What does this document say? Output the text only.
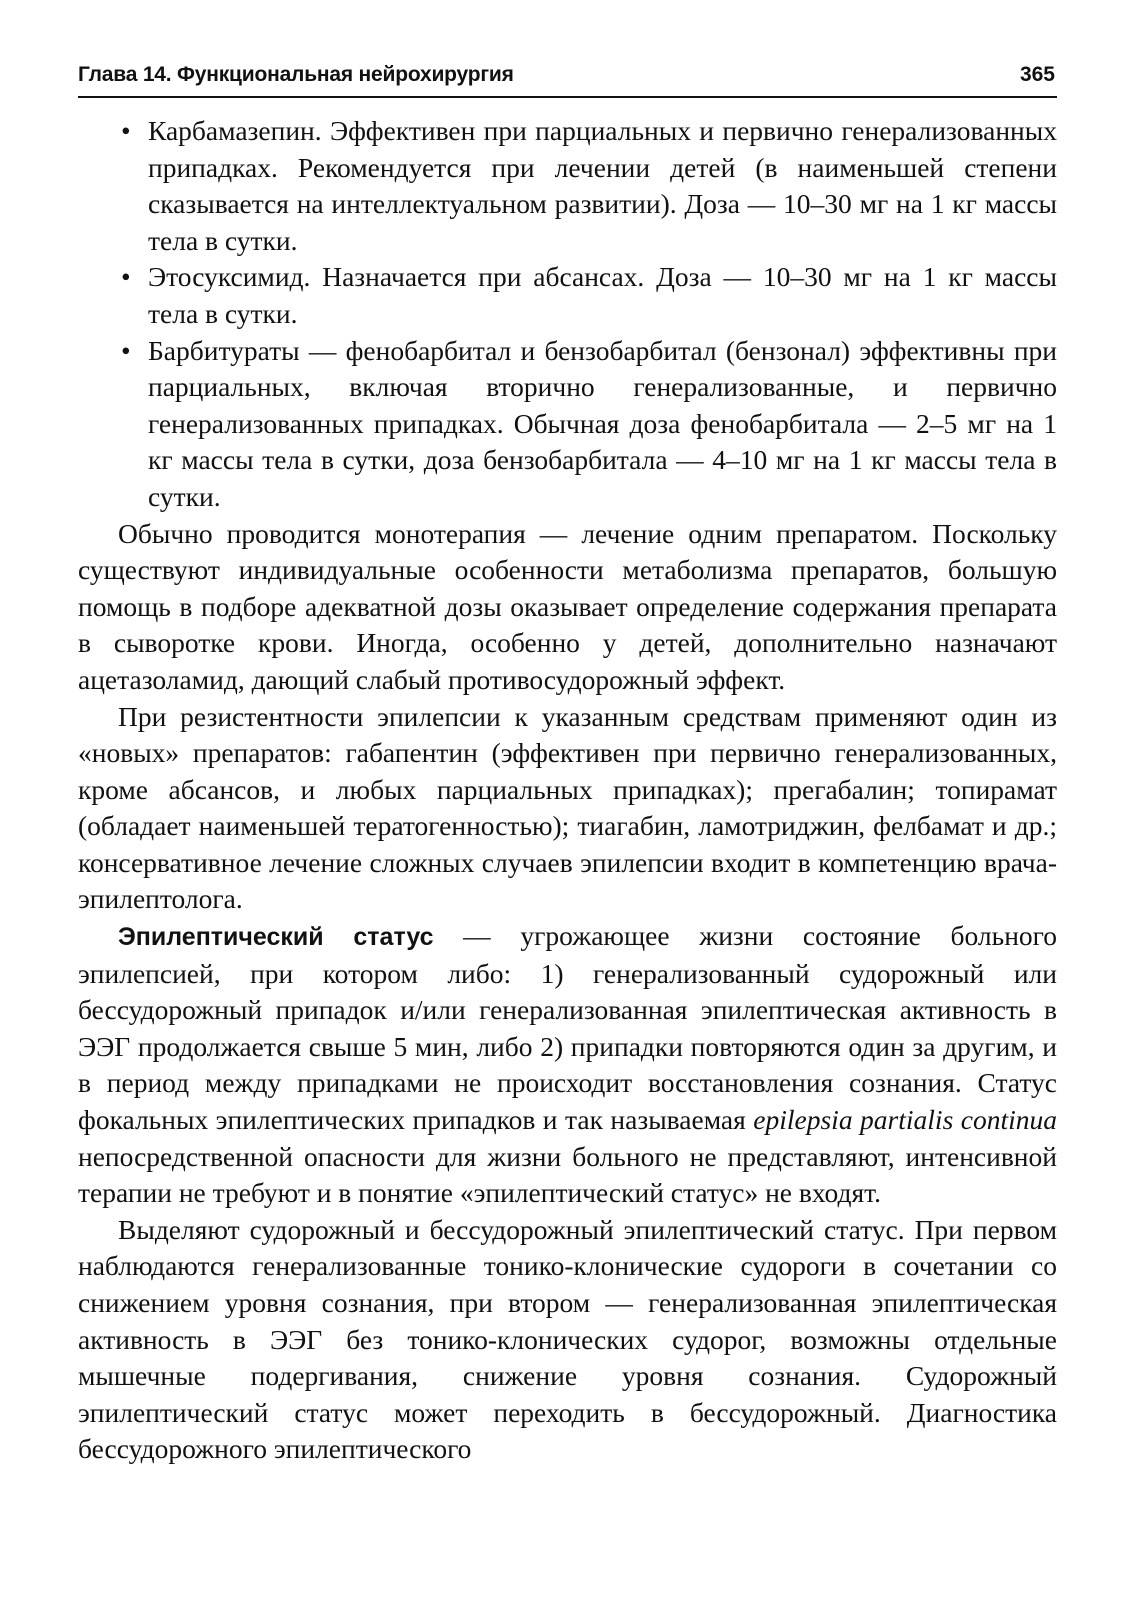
Глава 14. Функциональная нейрохирургия	365
• Карбамазепин. Эффективен при парциальных и первично генерализованных припадках. Рекомендуется при лечении детей (в наименьшей степени сказывается на интеллектуальном развитии). Доза — 10–30 мг на 1 кг массы тела в сутки.
• Этосуксимид. Назначается при абсансах. Доза — 10–30 мг на 1 кг массы тела в сутки.
• Барбитураты — фенобарбитал и бензобарбитал (бензонал) эффективны при парциальных, включая вторично генерализованные, и первично генерализованных припадках. Обычная доза фенобарбитала — 2–5 мг на 1 кг массы тела в сутки, доза бензобарбитала — 4–10 мг на 1 кг массы тела в сутки.

Обычно проводится монотерапия — лечение одним препаратом. Поскольку существуют индивидуальные особенности метаболизма препаратов, большую помощь в подборе адекватной дозы оказывает определение содержания препарата в сыворотке крови. Иногда, особенно у детей, дополнительно назначают ацетазоламид, дающий слабый противосудорожный эффект.

При резистентности эпилепсии к указанным средствам применяют один из «новых» препаратов: габапентин (эффективен при первично генерализованных, кроме абсансов, и любых парциальных припадках); прегабалин; топирамат (обладает наименьшей тератогенностью); тиагабин, ламотриджин, фелбамат и др.; консервативное лечение сложных случаев эпилепсии входит в компетенцию врача-эпилептолога.

Эпилептический статус — угрожающее жизни состояние больного эпилепсией, при котором либо: 1) генерализованный судорожный или бессудорожный припадок и/или генерализованная эпилептическая активность в ЭЭГ продолжается свыше 5 мин, либо 2) припадки повторяются один за другим, и в период между припадками не происходит восстановления сознания. Статус фокальных эпилептических припадков и так называемая epilepsia partialis continua непосредственной опасности для жизни больного не представляют, интенсивной терапии не требуют и в понятие «эпилептический статус» не входят.

Выделяют судорожный и бессудорожный эпилептический статус. При первом наблюдаются генерализованные тонико-клонические судороги в сочетании со снижением уровня сознания, при втором — генерализованная эпилептическая активность в ЭЭГ без тонико-клонических судорог, возможны отдельные мышечные подергивания, снижение уровня сознания. Судорожный эпилептический статус может переходить в бессудорожный. Диагностика бессудорожного эпилептического
